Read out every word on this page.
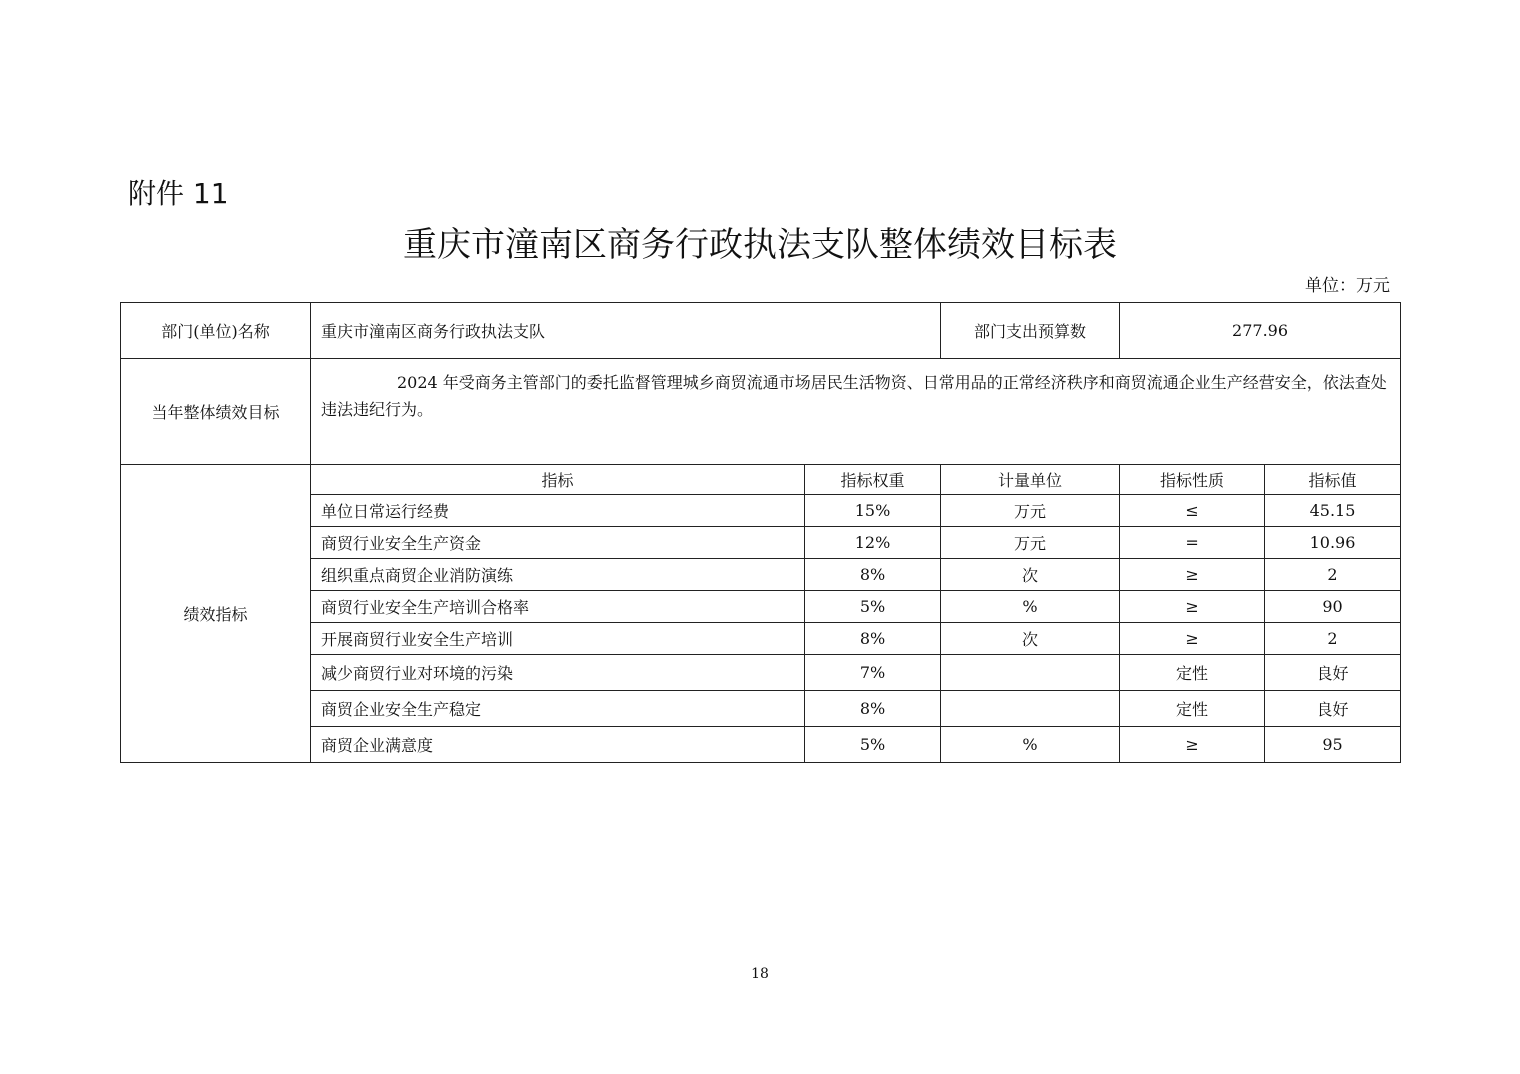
附件 11
重庆市潼南区商务行政执法支队整体绩效目标表
单位：万元
部门(单位)名称	重庆市潼南区商务行政执法支队		部门支出预算数	277.96	
当年整体绩效目标	2024 年受商务主管部门的委托监督管理城乡商贸流通市场居民生活物资、日常用品的正常经济秩序和商贸流通企业生产经营安全，依法查处违法违纪行为。				
绩效指标	指标	指标权重	计量单位	指标性质	指标值
	单位日常运行经费	15%	万元	≤	45.15
	商贸行业安全生产资金	12%	万元	=	10.96
	组织重点商贸企业消防演练	8%	次	≥	2
	商贸行业安全生产培训合格率	5%	%	≥	90
	开展商贸行业安全生产培训	8%	次	≥	2
	减少商贸行业对环境的污染	7%		定性	良好
	商贸企业安全生产稳定	8%		定性	良好
	商贸企业满意度	5%	%	≥	95
18
